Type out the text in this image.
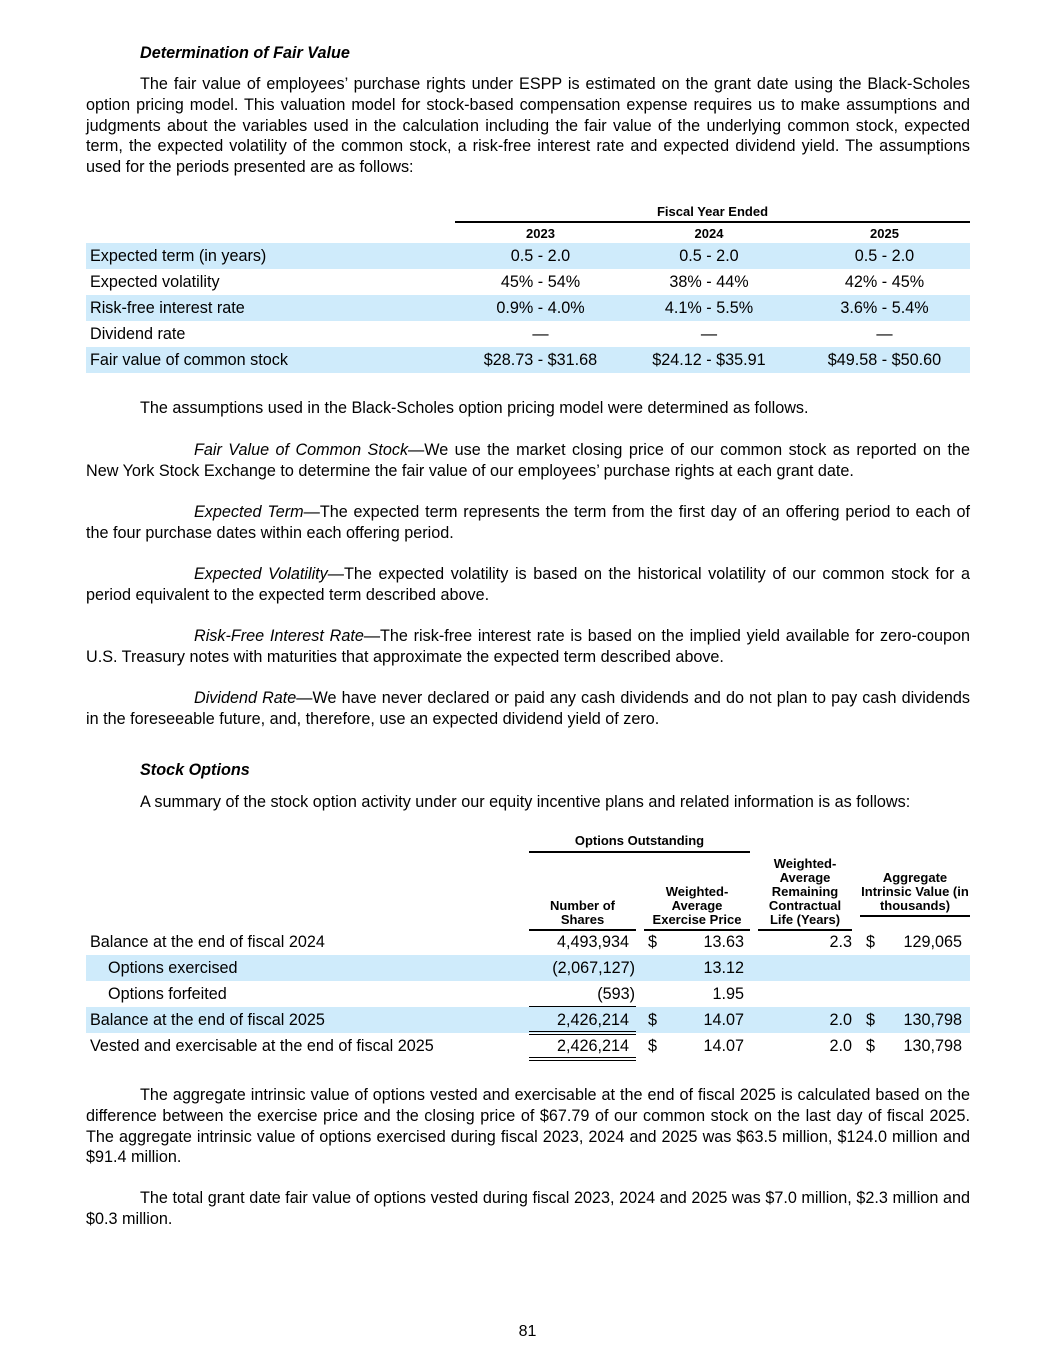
Determination of Fair Value

The fair value of employees’ purchase rights under ESPP is estimated on the grant date using the Black-Scholes option pricing model. This valuation model for stock-based compensation expense requires us to make assumptions and judgments about the variables used in the calculation including the fair value of the underlying common stock, expected term, the expected volatility of the common stock, a risk-free interest rate and expected dividend yield. The assumptions used for the periods presented are as follows:

Fiscal Year Ended
2023	2024	2025
Expected term (in years)	0.5 - 2.0	0.5 - 2.0	0.5 - 2.0
Expected volatility	45% - 54%	38% - 44%	42% - 45%
Risk-free interest rate	0.9% - 4.0%	4.1% - 5.5%	3.6% - 5.4%
Dividend rate	—	—	—
Fair value of common stock	$28.73 - $31.68	$24.12 - $35.91	$49.58 - $50.60
The assumptions used in the Black-Scholes option pricing model were determined as follows.

Fair Value of Common Stock—We use the market closing price of our common stock as reported on the New York Stock Exchange to determine the fair value of our employees’ purchase rights at each grant date.

Expected Term—The expected term represents the term from the first day of an offering period to each of the four purchase dates within each offering period.

Expected Volatility—The expected volatility is based on the historical volatility of our common stock for a period equivalent to the expected term described above.

Risk-Free Interest Rate—The risk-free interest rate is based on the implied yield available for zero-coupon U.S. Treasury notes with maturities that approximate the expected term described above.

Dividend Rate—We have never declared or paid any cash dividends and do not plan to pay cash dividends in the foreseeable future, and, therefore, use an expected dividend yield of zero.

Stock Options
A summary of the stock option activity under our equity incentive plans and related information is as follows:
Options Outstanding
Number of Shares
Weighted-Average Exercise Price
Weighted-Average Remaining Contractual Life (Years)
Aggregate Intrinsic Value (in thousands)
Balance at the end of fiscal 2024	4,493,934 $	13.63	2.3 $	129,065
Options exercised	(2,067,127)	13.12
Options forfeited	(593)	1.95
Balance at the end of fiscal 2025	2,426,214 $	14.07	2.0 $	130,798
Vested and exercisable at the end of fiscal 2025	2,426,214 $	14.07	2.0 $	130,798

The aggregate intrinsic value of options vested and exercisable at the end of fiscal 2025 is calculated based on the difference between the exercise price and the closing price of $67.79 of our common stock on the last day of fiscal 2025. The aggregate intrinsic value of options exercised during fiscal 2023, 2024 and 2025 was $63.5 million, $124.0 million and $91.4 million.

The total grant date fair value of options vested during fiscal 2023, 2024 and 2025 was $7.0 million, $2.3 million and $0.3 million.

81
